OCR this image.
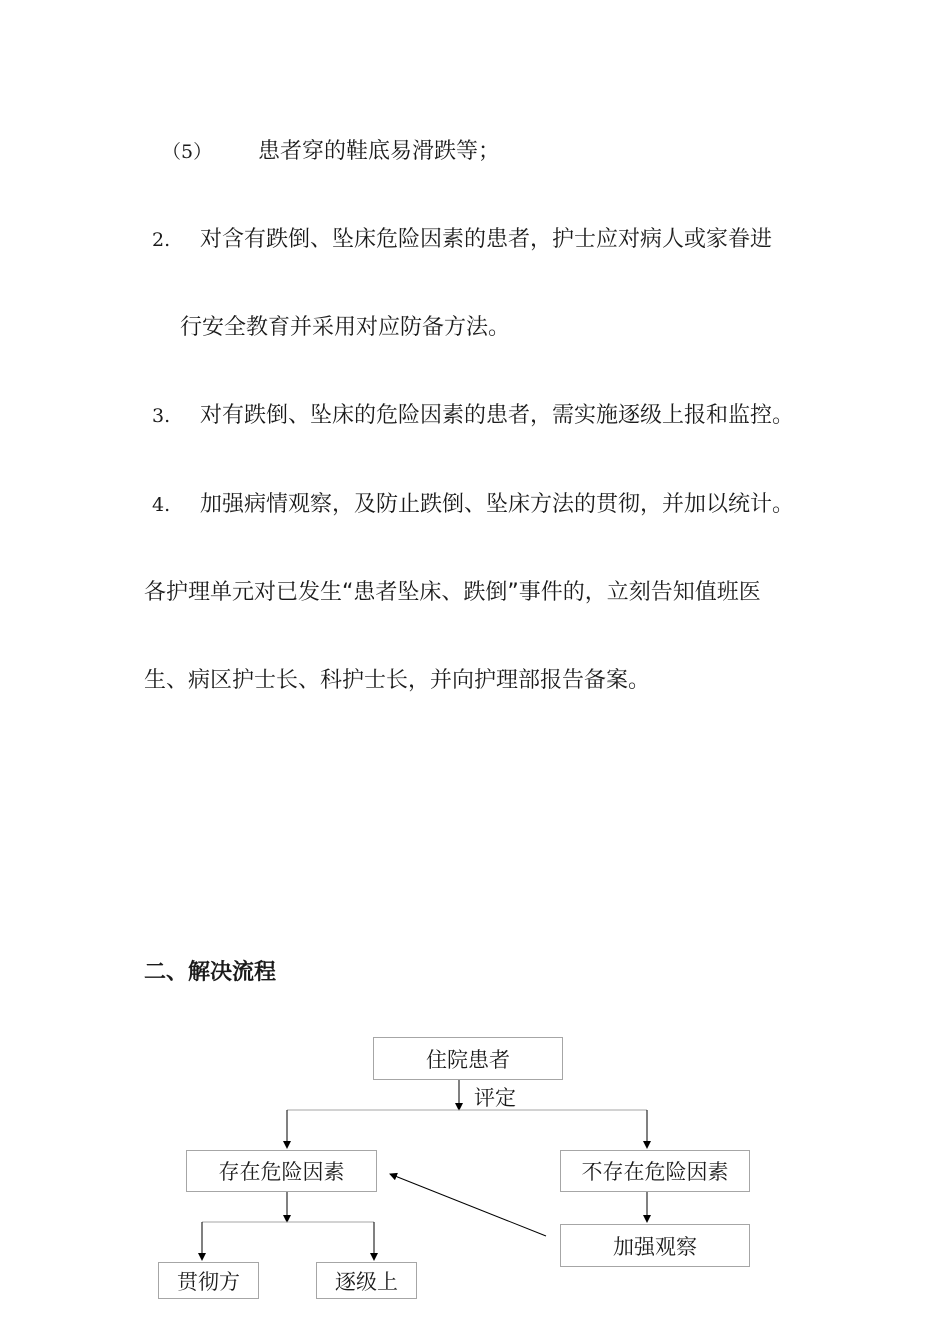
（5） 患者穿的鞋底易滑跌等；
2. 对含有跌倒、坠床危险因素的患者，护士应对病人或家眷进
行安全教育并采用对应防备方法。
3. 对有跌倒、坠床的危险因素的患者，需实施逐级上报和监控。
4. 加强病情观察，及防止跌倒、坠床方法的贯彻，并加以统计。
各护理单元对已发生“患者坠床、跌倒”事件的，立刻告知值班医
生、病区护士长、科护士长，并向护理部报告备案。
二、解决流程
住院患者
评定
存在危险因素	不存在危险因素
加强观察
贯彻方	逐级上
